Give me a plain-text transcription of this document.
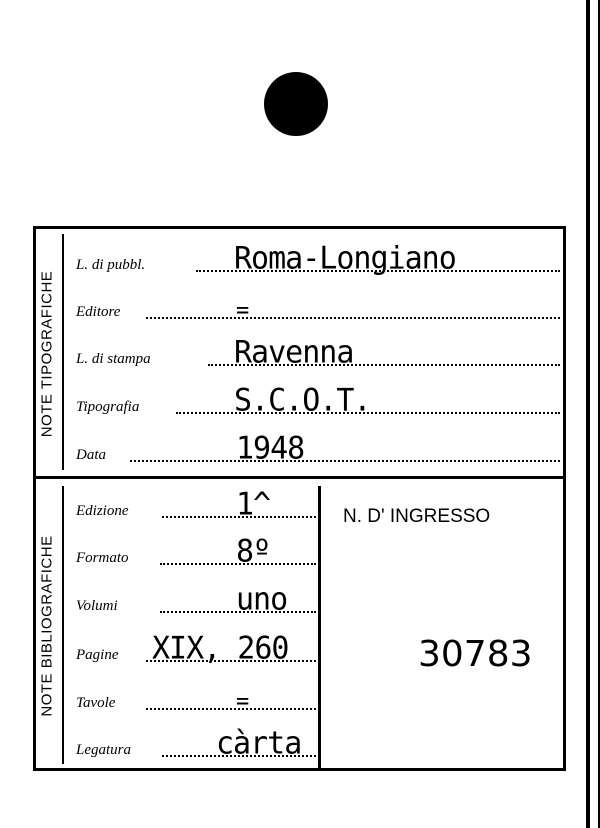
NOTE TIPOGRAFICHE
NOTE BIBLIOGRAFICHE
L. di pubbl.	Roma-Longiano
Editore	=
L. di stampa	Ravenna
Tipografia	S.C.O.T.
Data	1948
Edizione	1^
Formato	8º
Volumi	uno
Pagine XIX, 260
Tavole	=
Legatura	càrta
N. D' INGRESSO
30783
